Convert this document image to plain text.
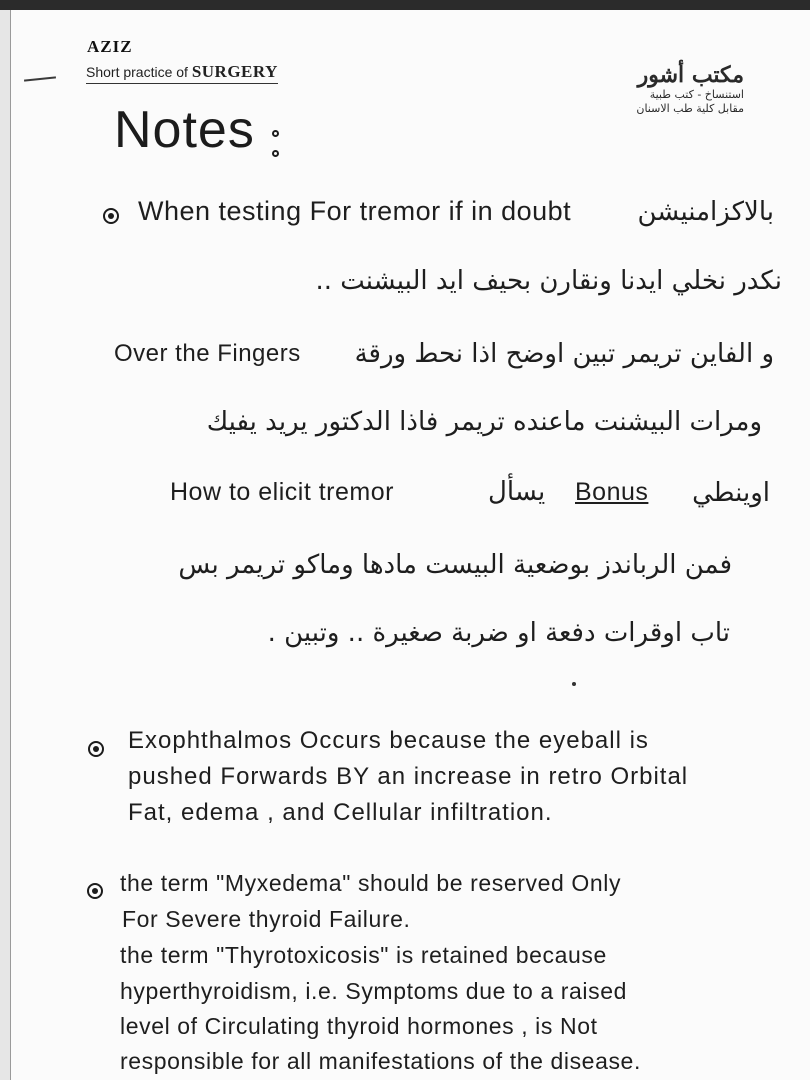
AZIZ
Short practice of SURGERY	مكتب أشور
استنساخ - كتب طبية
مقابل كلية طب الاسنان
Notes
When testing For tremor if in doubt	بالاكزامنيشن
نكدر نخلي ايدنا ونقارن بحيف ايد البيشنت ..
Over the Fingers و الفاين تريمر تبين اوضح اذا نحط ورقة
ومرات البيشنت ماعنده تريمر فاذا الدكتور يريد يفيك
How to elicit tremor	يسأل Bonus اوينطي
فمن الرباندز بوضعية البيست مادها وماكو تريمر بس
تاب اوقرات دفعة او ضربة صغيرة .. وتبين .
Exophthalmos Occurs because the eyeball is
pushed Forwards BY an increase in retro Orbital
Fat, edema , and Cellular infiltration.
the term "Myxedema" should be reserved Only
For Severe thyroid Failure.
the term "Thyrotoxicosis" is retained because
hyperthyroidism, i.e. Symptoms due to a raised
level of Circulating thyroid hormones , is Not
responsible for all manifestations of the disease.
